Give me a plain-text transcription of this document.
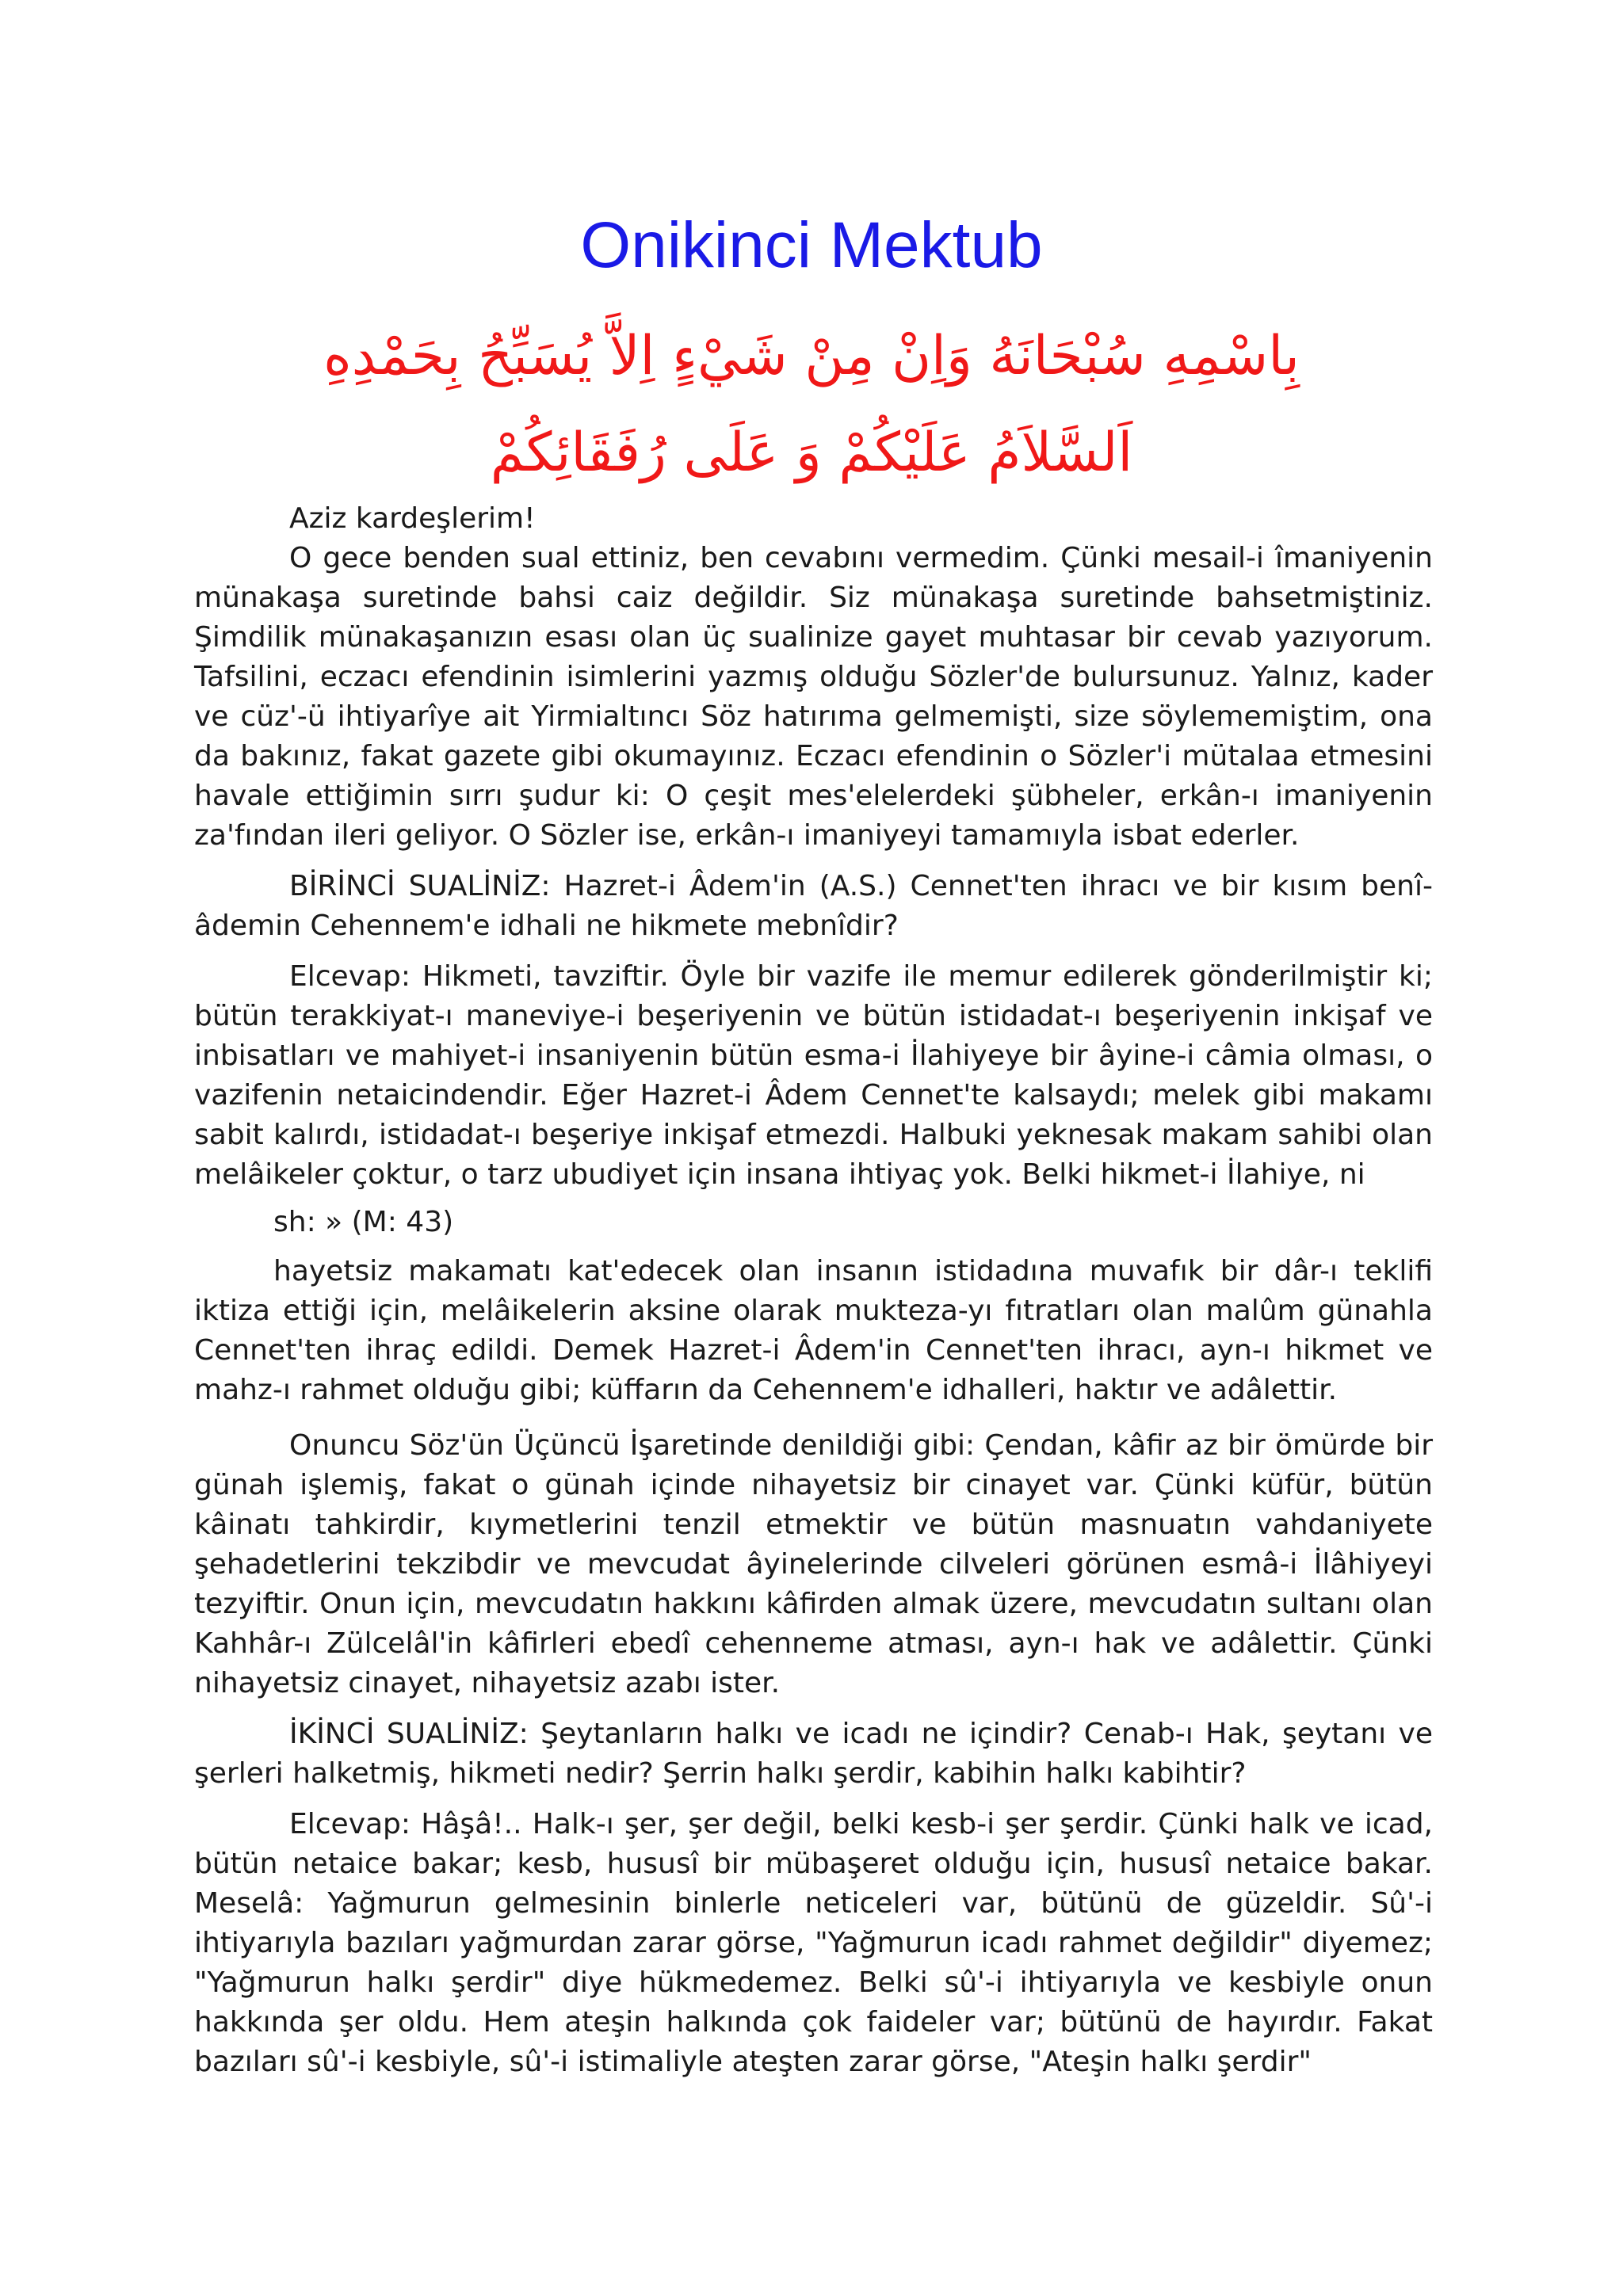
Onikinci Mektub
بِاسْمِهِ سُبْحَانَهُ وَاِنْ مِنْ شَيْءٍ اِلاَّ يُسَبِّحُ بِحَمْدِهِ
اَلسَّلاَمُ عَلَيْكُمْ وَ عَلَى رُفَقَائِكُمْ

Aziz kardeşlerim!

O gece benden sual ettiniz, ben cevabını vermedim. Çünki mesail-i îmaniyenin münakaşa suretinde bahsi caiz değildir. Siz münakaşa suretinde bahsetmiştiniz. Şimdilik münakaşanızın esası olan üç sualinize gayet muhtasar bir cevab yazıyorum. Tafsilini, eczacı efendinin isimlerini yazmış olduğu Sözler'de bulursunuz. Yalnız, kader ve cüz'-ü ihtiyarîye ait Yirmialtıncı Söz hatırıma gelmemişti, size söylememiştim, ona da bakınız, fakat gazete gibi okumayınız. Eczacı efendinin o Sözler'i mütalaa etmesini havale ettiğimin sırrı şudur ki: O çeşit mes'elelerdeki şübheler, erkân-ı imaniyenin za'fından ileri geliyor. O Sözler ise, erkân-ı imaniyeyi tamamıyla isbat ederler.

BİRİNCİ SUALİNİZ: Hazret-i Âdem'in (A.S.) Cennet'ten ihracı ve bir kısım benî-âdemin Cehennem'e idhali ne hikmete mebnîdir?

Elcevap: Hikmeti, tavziftir. Öyle bir vazife ile memur edilerek gönderilmiştir ki; bütün terakkiyat-ı maneviye-i beşeriyenin ve bütün istidadat-ı beşeriyenin inkişaf ve inbisatları ve mahiyet-i insaniyenin bütün esma-i İlahiyeye bir âyine-i câmia olması, o vazifenin netaicindendir. Eğer Hazret-i Âdem Cennet'te kalsaydı; melek gibi makamı sabit kalırdı, istidadat-ı beşeriye inkişaf etmezdi. Halbuki yeknesak makam sahibi olan melâikeler çoktur, o tarz ubudiyet için insana ihtiyaç yok. Belki hikmet-i İlahiye, ni

sh: » (M: 43)

hayetsiz makamatı kat'edecek olan insanın istidadına muvafık bir dâr-ı teklifi iktiza ettiği için, melâikelerin aksine olarak mukteza-yı fıtratları olan malûm günahla Cennet'ten ihraç edildi. Demek Hazret-i Âdem'in Cennet'ten ihracı, ayn-ı hikmet ve mahz-ı rahmet olduğu gibi; küffarın da Cehennem'e idhalleri, haktır ve adâlettir.

Onuncu Söz'ün Üçüncü İşaretinde denildiği gibi: Çendan, kâfir az bir ömürde bir günah işlemiş, fakat o günah içinde nihayetsiz bir cinayet var. Çünki küfür, bütün kâinatı tahkirdir, kıymetlerini tenzil etmektir ve bütün masnuatın vahdaniyete şehadetlerini tekzibdir ve mevcudat âyinelerinde cilveleri görünen esmâ-i İlâhiyeyi tezyiftir. Onun için, mevcudatın hakkını kâfirden almak üzere, mevcudatın sultanı olan Kahhâr-ı Zülcelâl'in kâfirleri ebedî cehenneme atması, ayn-ı hak ve adâlettir. Çünki nihayetsiz cinayet, nihayetsiz azabı ister.

İKİNCİ SUALİNİZ: Şeytanların halkı ve icadı ne içindir? Cenab-ı Hak, şeytanı ve şerleri halketmiş, hikmeti nedir? Şerrin halkı şerdir, kabihin halkı kabihtir?

Elcevap: Hâşâ!.. Halk-ı şer, şer değil, belki kesb-i şer şerdir. Çünki halk ve icad, bütün netaice bakar; kesb, hususî bir mübaşeret olduğu için, hususî netaice bakar. Meselâ: Yağmurun gelmesinin binlerle neticeleri var, bütünü de güzeldir. Sû'-i ihtiyarıyla bazıları yağmurdan zarar görse, "Yağmurun icadı rahmet değildir" diyemez; "Yağmurun halkı şerdir" diye hükmedemez. Belki sû'-i ihtiyarıyla ve kesbiyle onun hakkında şer oldu. Hem ateşin halkında çok faideler var; bütünü de hayırdır. Fakat bazıları sû'-i kesbiyle, sû'-i istimaliyle ateşten zarar görse, "Ateşin halkı şerdir"
